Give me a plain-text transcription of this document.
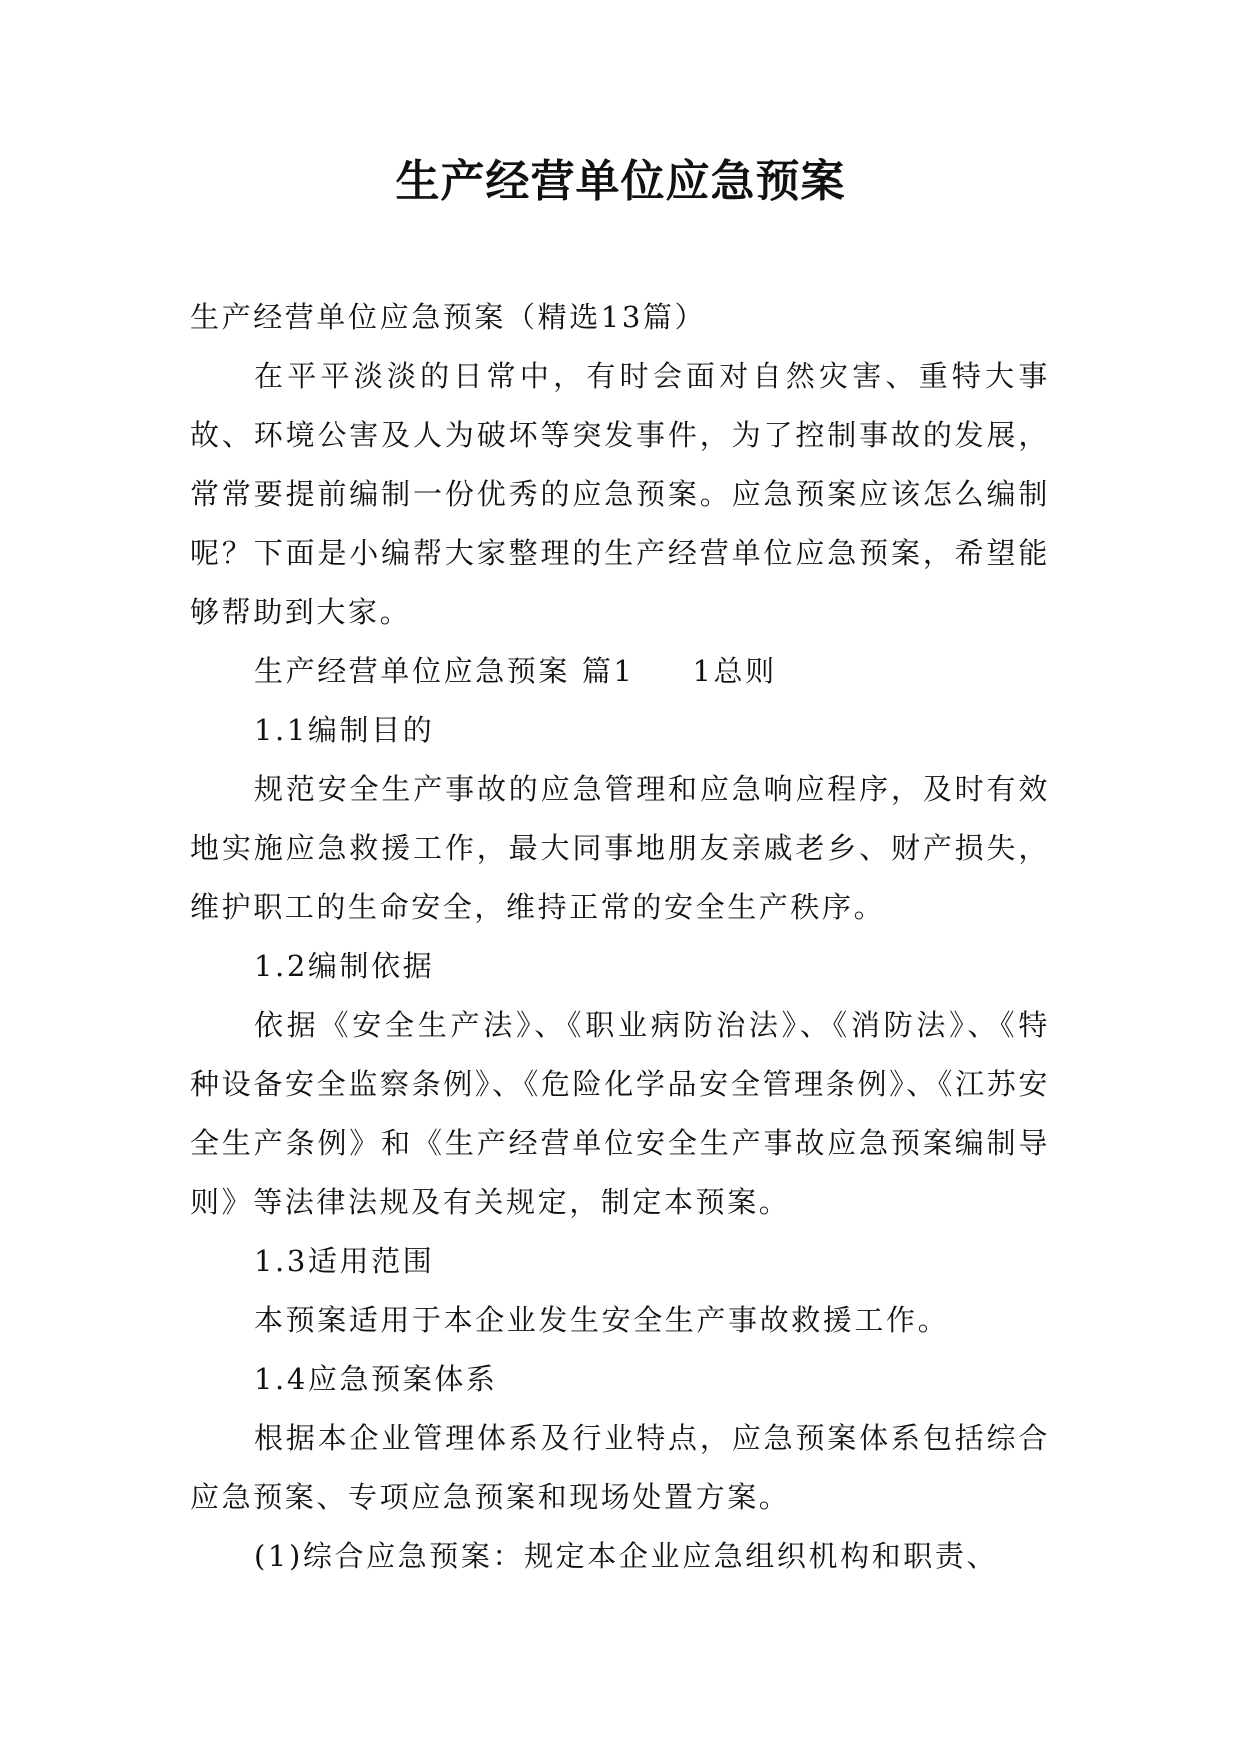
生产经营单位应急预案

生产经营单位应急预案（精选13篇）

在平平淡淡的日常中，有时会面对自然灾害、重特大事故、环境公害及人为破坏等突发事件，为了控制事故的发展，常常要提前编制一份优秀的应急预案。应急预案应该怎么编制呢？下面是小编帮大家整理的生产经营单位应急预案，希望能够帮助到大家。

生产经营单位应急预案 篇1 1总则

1.1编制目的

规范安全生产事故的应急管理和应急响应程序，及时有效地实施应急救援工作，最大同事地朋友亲戚老乡、财产损失，维护职工的生命安全，维持正常的安全生产秩序。

1.2编制依据

依据《安全生产法》、《职业病防治法》、《消防法》、《特种设备安全监察条例》、《危险化学品安全管理条例》、《江苏安全生产条例》和《生产经营单位安全生产事故应急预案编制导则》等法律法规及有关规定，制定本预案。

1.3适用范围

本预案适用于本企业发生安全生产事故救援工作。

1.4应急预案体系

根据本企业管理体系及行业特点，应急预案体系包括综合应急预案、专项应急预案和现场处置方案。

(1)综合应急预案：规定本企业应急组织机构和职责、
